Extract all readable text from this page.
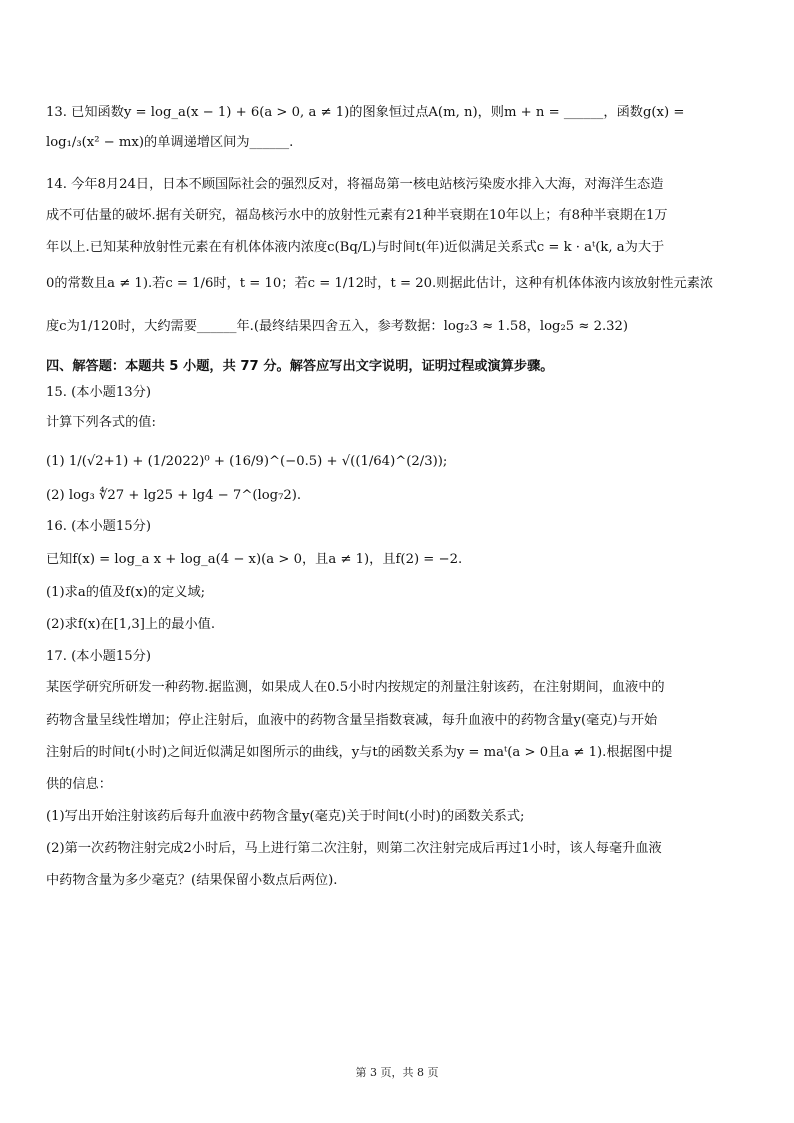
13. 已知函数y = log_a(x − 1) + 6(a > 0, a ≠ 1)的图象恒过点A(m, n)，则m + n = ______，函数g(x) =
log₁/₃(x² − mx)的单调递增区间为______.
14. 今年8月24日，日本不顾国际社会的强烈反对，将福岛第一核电站核污染废水排入大海，对海洋生态造
成不可估量的破坏.据有关研究，福岛核污水中的放射性元素有21种半衰期在10年以上；有8种半衰期在1万
年以上.已知某种放射性元素在有机体体液内浓度c(Bq/L)与时间t(年)近似满足关系式c = k · aᵗ(k, a为大于
0的常数且a ≠ 1).若c = 1/6时，t = 10；若c = 1/12时，t = 20.则据此估计，这种有机体体液内该放射性元素浓
度c为1/120时，大约需要______年.(最终结果四舍五入，参考数据：log₂3 ≈ 1.58，log₂5 ≈ 2.32)
四、解答题：本题共 5 小题，共 77 分。解答应写出文字说明，证明过程或演算步骤。
15. (本小题13分)
计算下列各式的值:
(1) 1/(√2+1) + (1/2022)⁰ + (16/9)^(−0.5) + √((1/64)^(2/3));
(2) log₃ ∜27 + lg25 + lg4 − 7^(log₇2).
16. (本小题15分)
已知f(x) = log_a x + log_a(4 − x)(a > 0，且a ≠ 1)，且f(2) = −2.
(1)求a的值及f(x)的定义域;
(2)求f(x)在[1,3]上的最小值.
17. (本小题15分)
某医学研究所研发一种药物.据监测，如果成人在0.5小时内按规定的剂量注射该药，在注射期间，血液中的
药物含量呈线性增加；停止注射后，血液中的药物含量呈指数衰减，每升血液中的药物含量y(毫克)与开始
注射后的时间t(小时)之间近似满足如图所示的曲线，y与t的函数关系为y = maᵗ(a > 0且a ≠ 1).根据图中提
供的信息：
(1)写出开始注射该药后每升血液中药物含量y(毫克)关于时间t(小时)的函数关系式;
(2)第一次药物注射完成2小时后，马上进行第二次注射，则第二次注射完成后再过1小时，该人每毫升血液
中药物含量为多少毫克？(结果保留小数点后两位).
第 3 页，共 8 页
